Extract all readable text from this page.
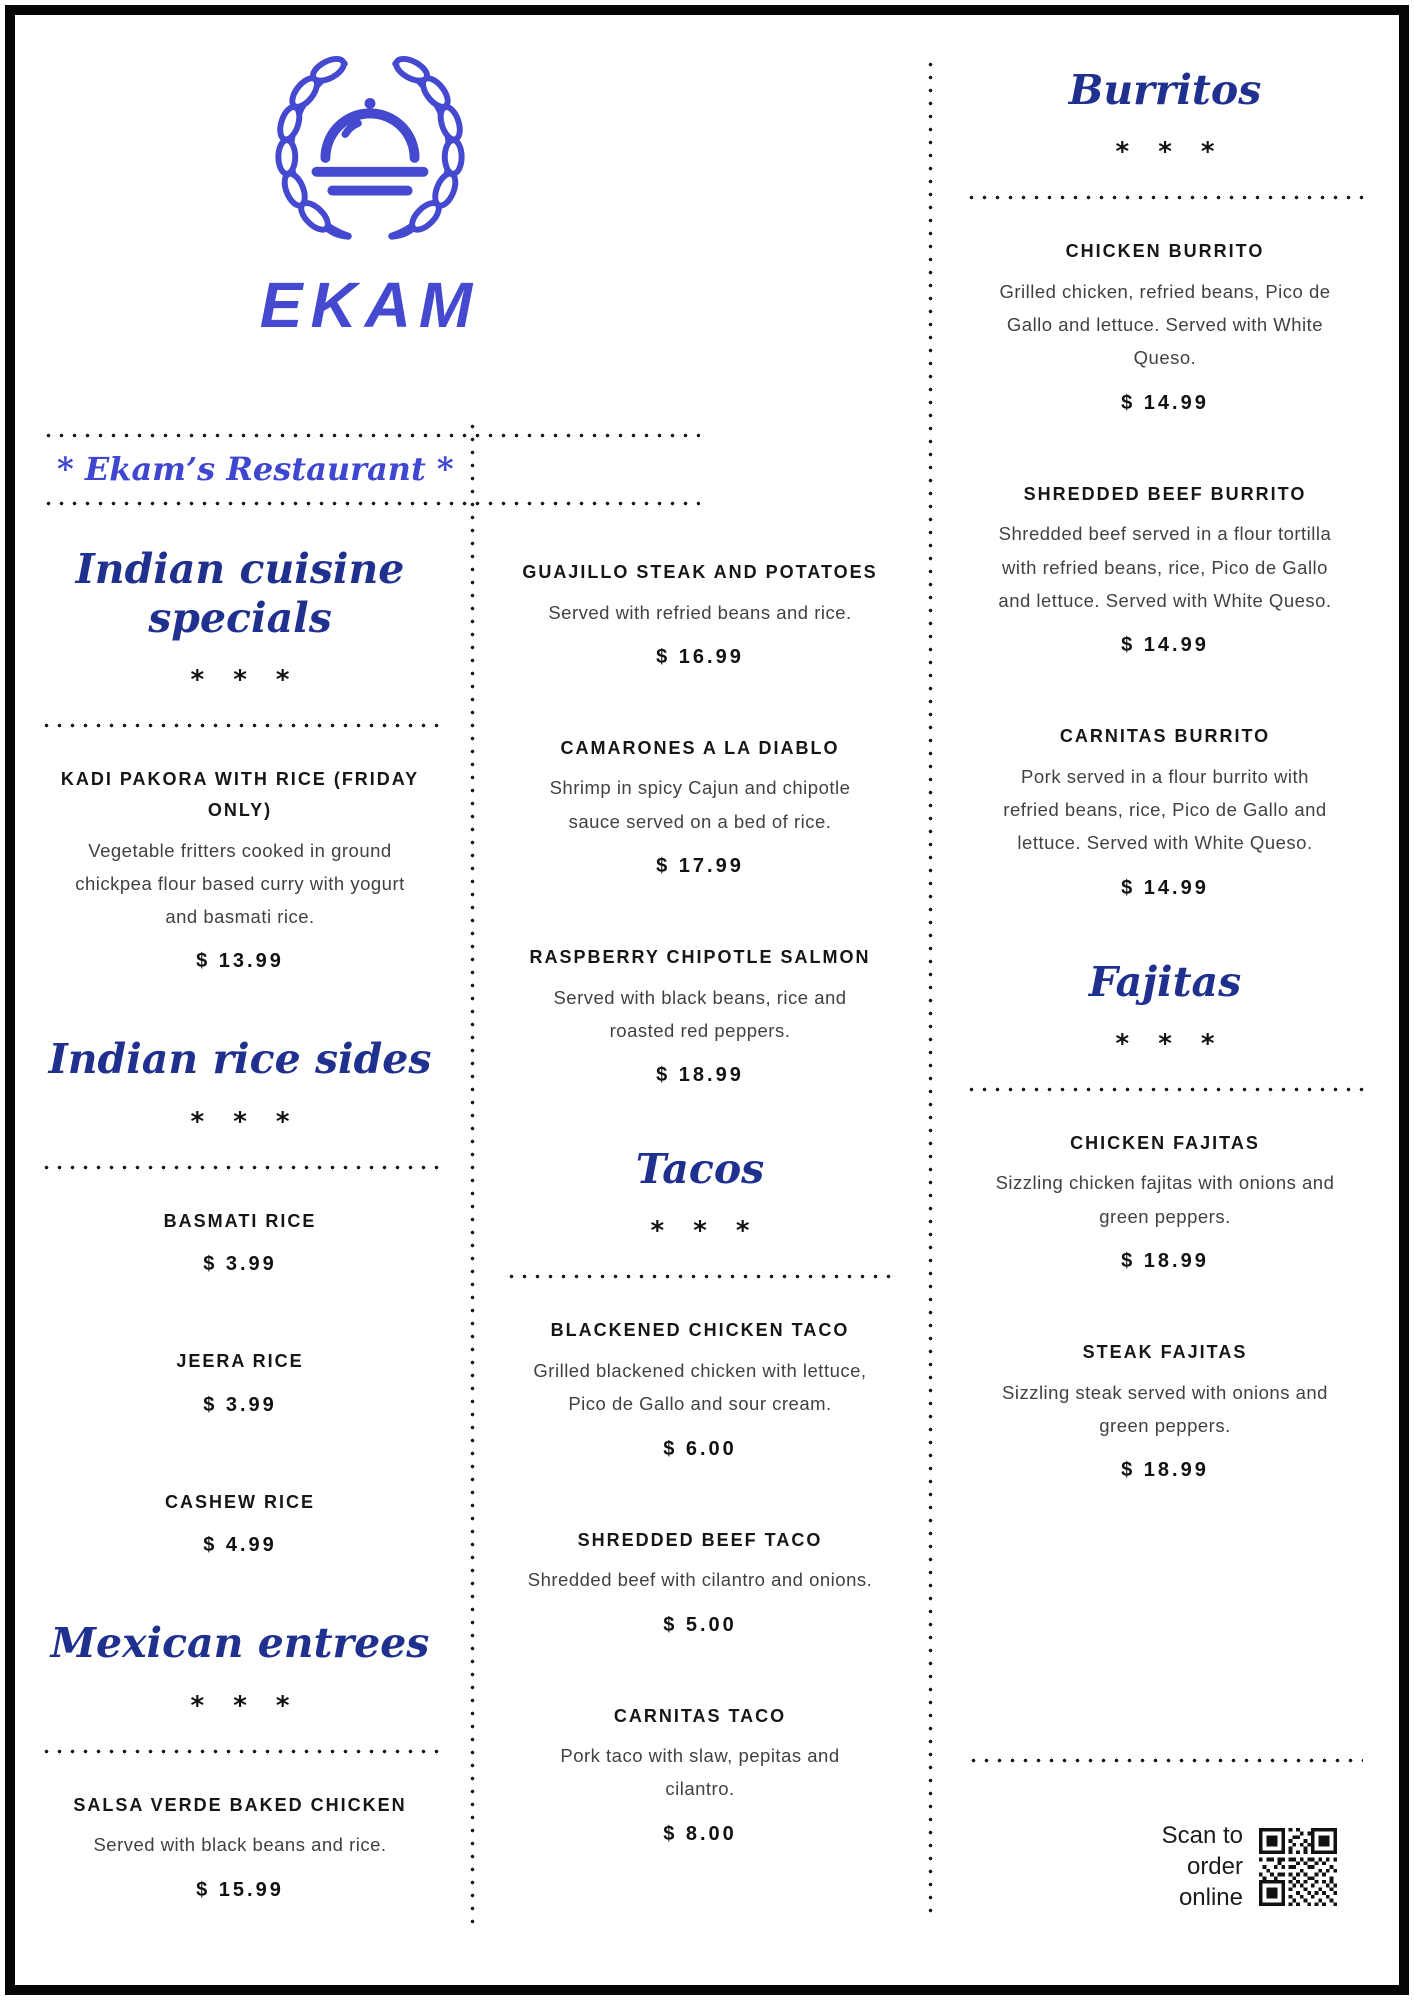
EKAM
* Ekam’s Restaurant *
Indian cuisine specials
* * *
KADI PAKORA WITH RICE (FRIDAY ONLY)

Vegetable fritters cooked in ground chickpea flour based curry with yogurt and basmati rice.

$ 13.99
Indian rice sides
* * *
BASMATI RICE
$ 3.99
JEERA RICE
$ 3.99
CASHEW RICE
$ 4.99
Mexican entrees
* * *
SALSA VERDE BAKED CHICKEN

Served with black beans and rice.

$ 15.99
GUAJILLO STEAK AND POTATOES

Served with refried beans and rice.

$ 16.99
CAMARONES A LA DIABLO

Shrimp in spicy Cajun and chipotle sauce served on a bed of rice.

$ 17.99
RASPBERRY CHIPOTLE SALMON

Served with black beans, rice and roasted red peppers.

$ 18.99
Tacos
* * *
BLACKENED CHICKEN TACO

Grilled blackened chicken with lettuce, Pico de Gallo and sour cream.

$ 6.00
SHREDDED BEEF TACO

Shredded beef with cilantro and onions.

$ 5.00
CARNITAS TACO

Pork taco with slaw, pepitas and cilantro.

$ 8.00
Burritos
* * *
CHICKEN BURRITO

Grilled chicken, refried beans, Pico de Gallo and lettuce. Served with White Queso.

$ 14.99
SHREDDED BEEF BURRITO

Shredded beef served in a flour tortilla with refried beans, rice, Pico de Gallo and lettuce. Served with White Queso.

$ 14.99
CARNITAS BURRITO

Pork served in a flour burrito with refried beans, rice, Pico de Gallo and lettuce. Served with White Queso.

$ 14.99
Fajitas
* * *
CHICKEN FAJITAS

Sizzling chicken fajitas with onions and green peppers.

$ 18.99
STEAK FAJITAS

Sizzling steak served with onions and green peppers.

$ 18.99
Scan to
order
online
